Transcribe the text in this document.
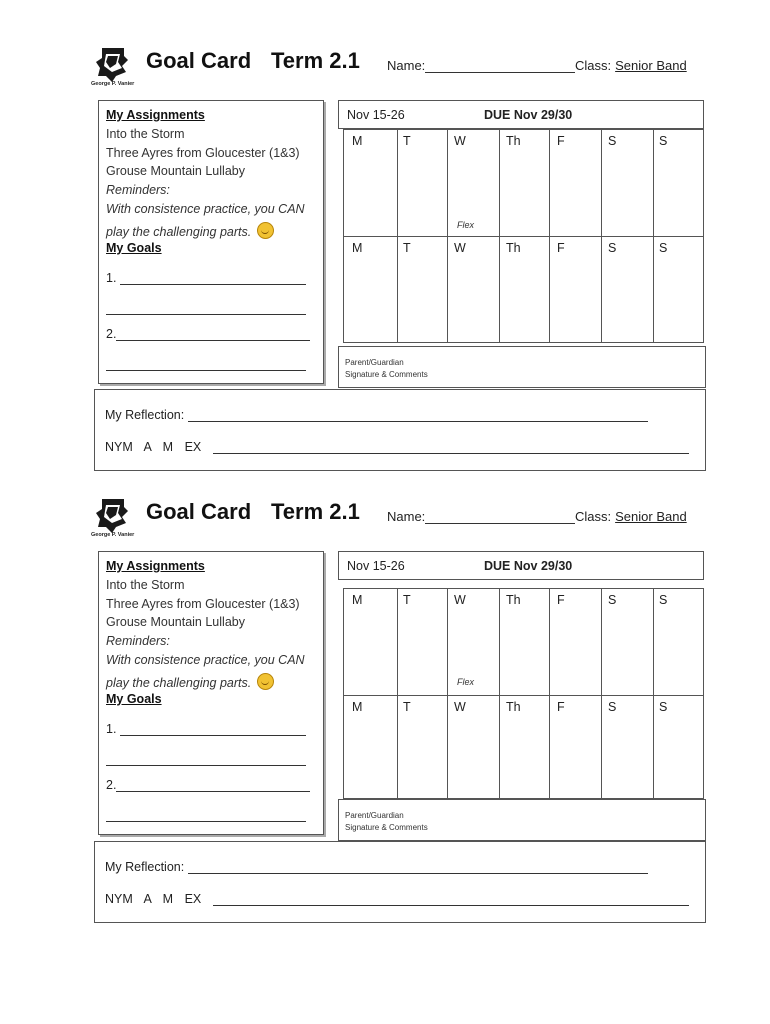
George P. Vanier
Goal Card Term 2.1 Name:	Class: Senior Band
My Assignments
Into the Storm
Three Ayres from Gloucester (1&3)
Grouse Mountain Lullaby
Reminders:
With consistence practice, you CAN
play the challenging parts.
My Goals
1.
2.
Nov 15-26	DUE Nov 29/30
M	T	W	Th	F	S	S
Flex
M	T	W	Th	F	S	S
Parent/Guardian
Signature & Comments
My Reflection:
NYM A M EX
George P. Vanier
Goal Card Term 2.1 Name:	Class: Senior Band
My Assignments
Into the Storm
Three Ayres from Gloucester (1&3)
Grouse Mountain Lullaby
Reminders:
With consistence practice, you CAN
play the challenging parts.
My Goals
1.
2.
Nov 15-26	DUE Nov 29/30
M	T	W	Th	F	S	S
Flex
M	T	W	Th	F	S	S
Parent/Guardian
Signature & Comments
My Reflection:
NYM A M EX
